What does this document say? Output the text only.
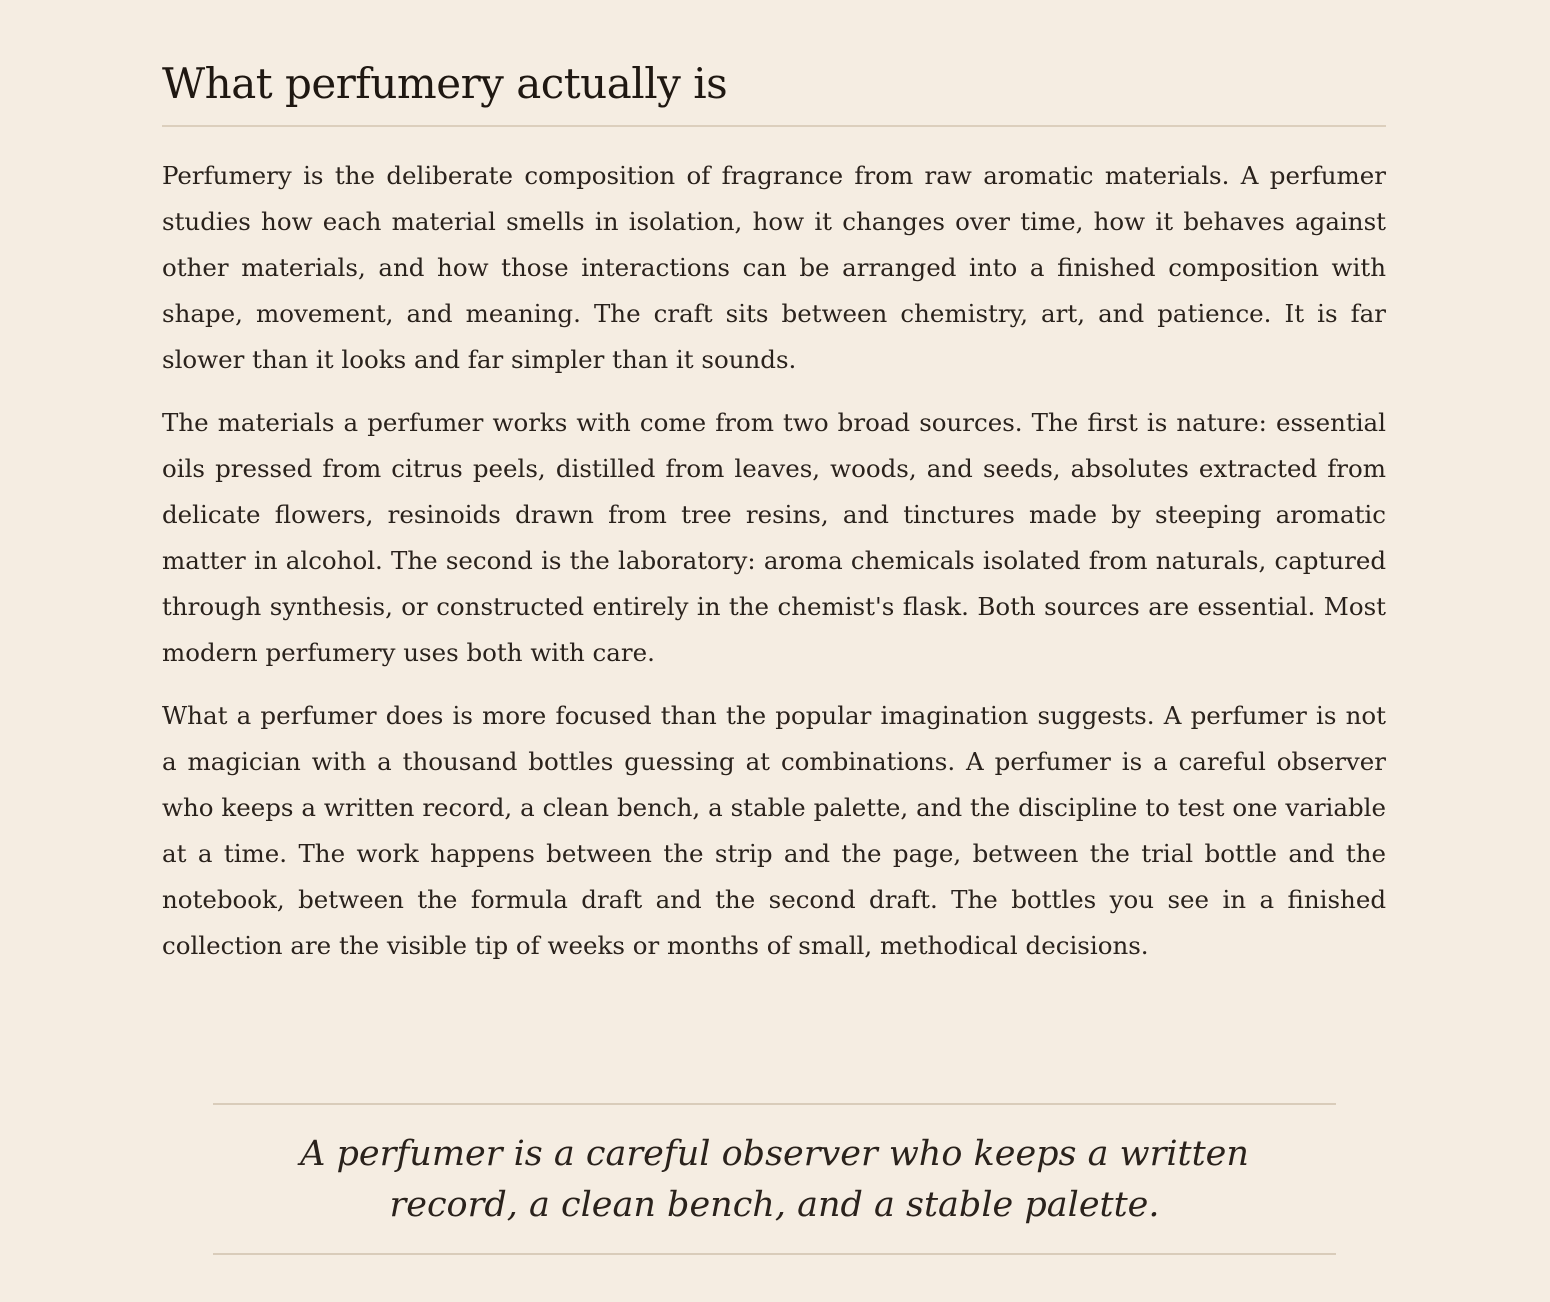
What perfumery actually is

Perfumery is the deliberate composition of fragrance from raw aromatic materials. A perfumer studies how each material smells in isolation, how it changes over time, how it behaves against other materials, and how those interactions can be arranged into a finished composition with shape, movement, and meaning. The craft sits between chemistry, art, and patience. It is far slower than it looks and far simpler than it sounds.

The materials a perfumer works with come from two broad sources. The first is nature: essential oils pressed from citrus peels, distilled from leaves, woods, and seeds, absolutes extracted from delicate flowers, resinoids drawn from tree resins, and tinctures made by steeping aromatic matter in alcohol. The second is the laboratory: aroma chemicals isolated from naturals, captured through synthesis, or constructed entirely in the chemist's flask. Both sources are essential. Most modern perfumery uses both with care.

What a perfumer does is more focused than the popular imagination suggests. A perfumer is not a magician with a thousand bottles guessing at combinations. A perfumer is a careful observer who keeps a written record, a clean bench, a stable palette, and the discipline to test one variable at a time. The work happens between the strip and the page, between the trial bottle and the notebook, between the formula draft and the second draft. The bottles you see in a finished collection are the visible tip of weeks or months of small, methodical decisions.

A perfumer is a careful observer who keeps a written record, a clean bench, and a stable palette.
